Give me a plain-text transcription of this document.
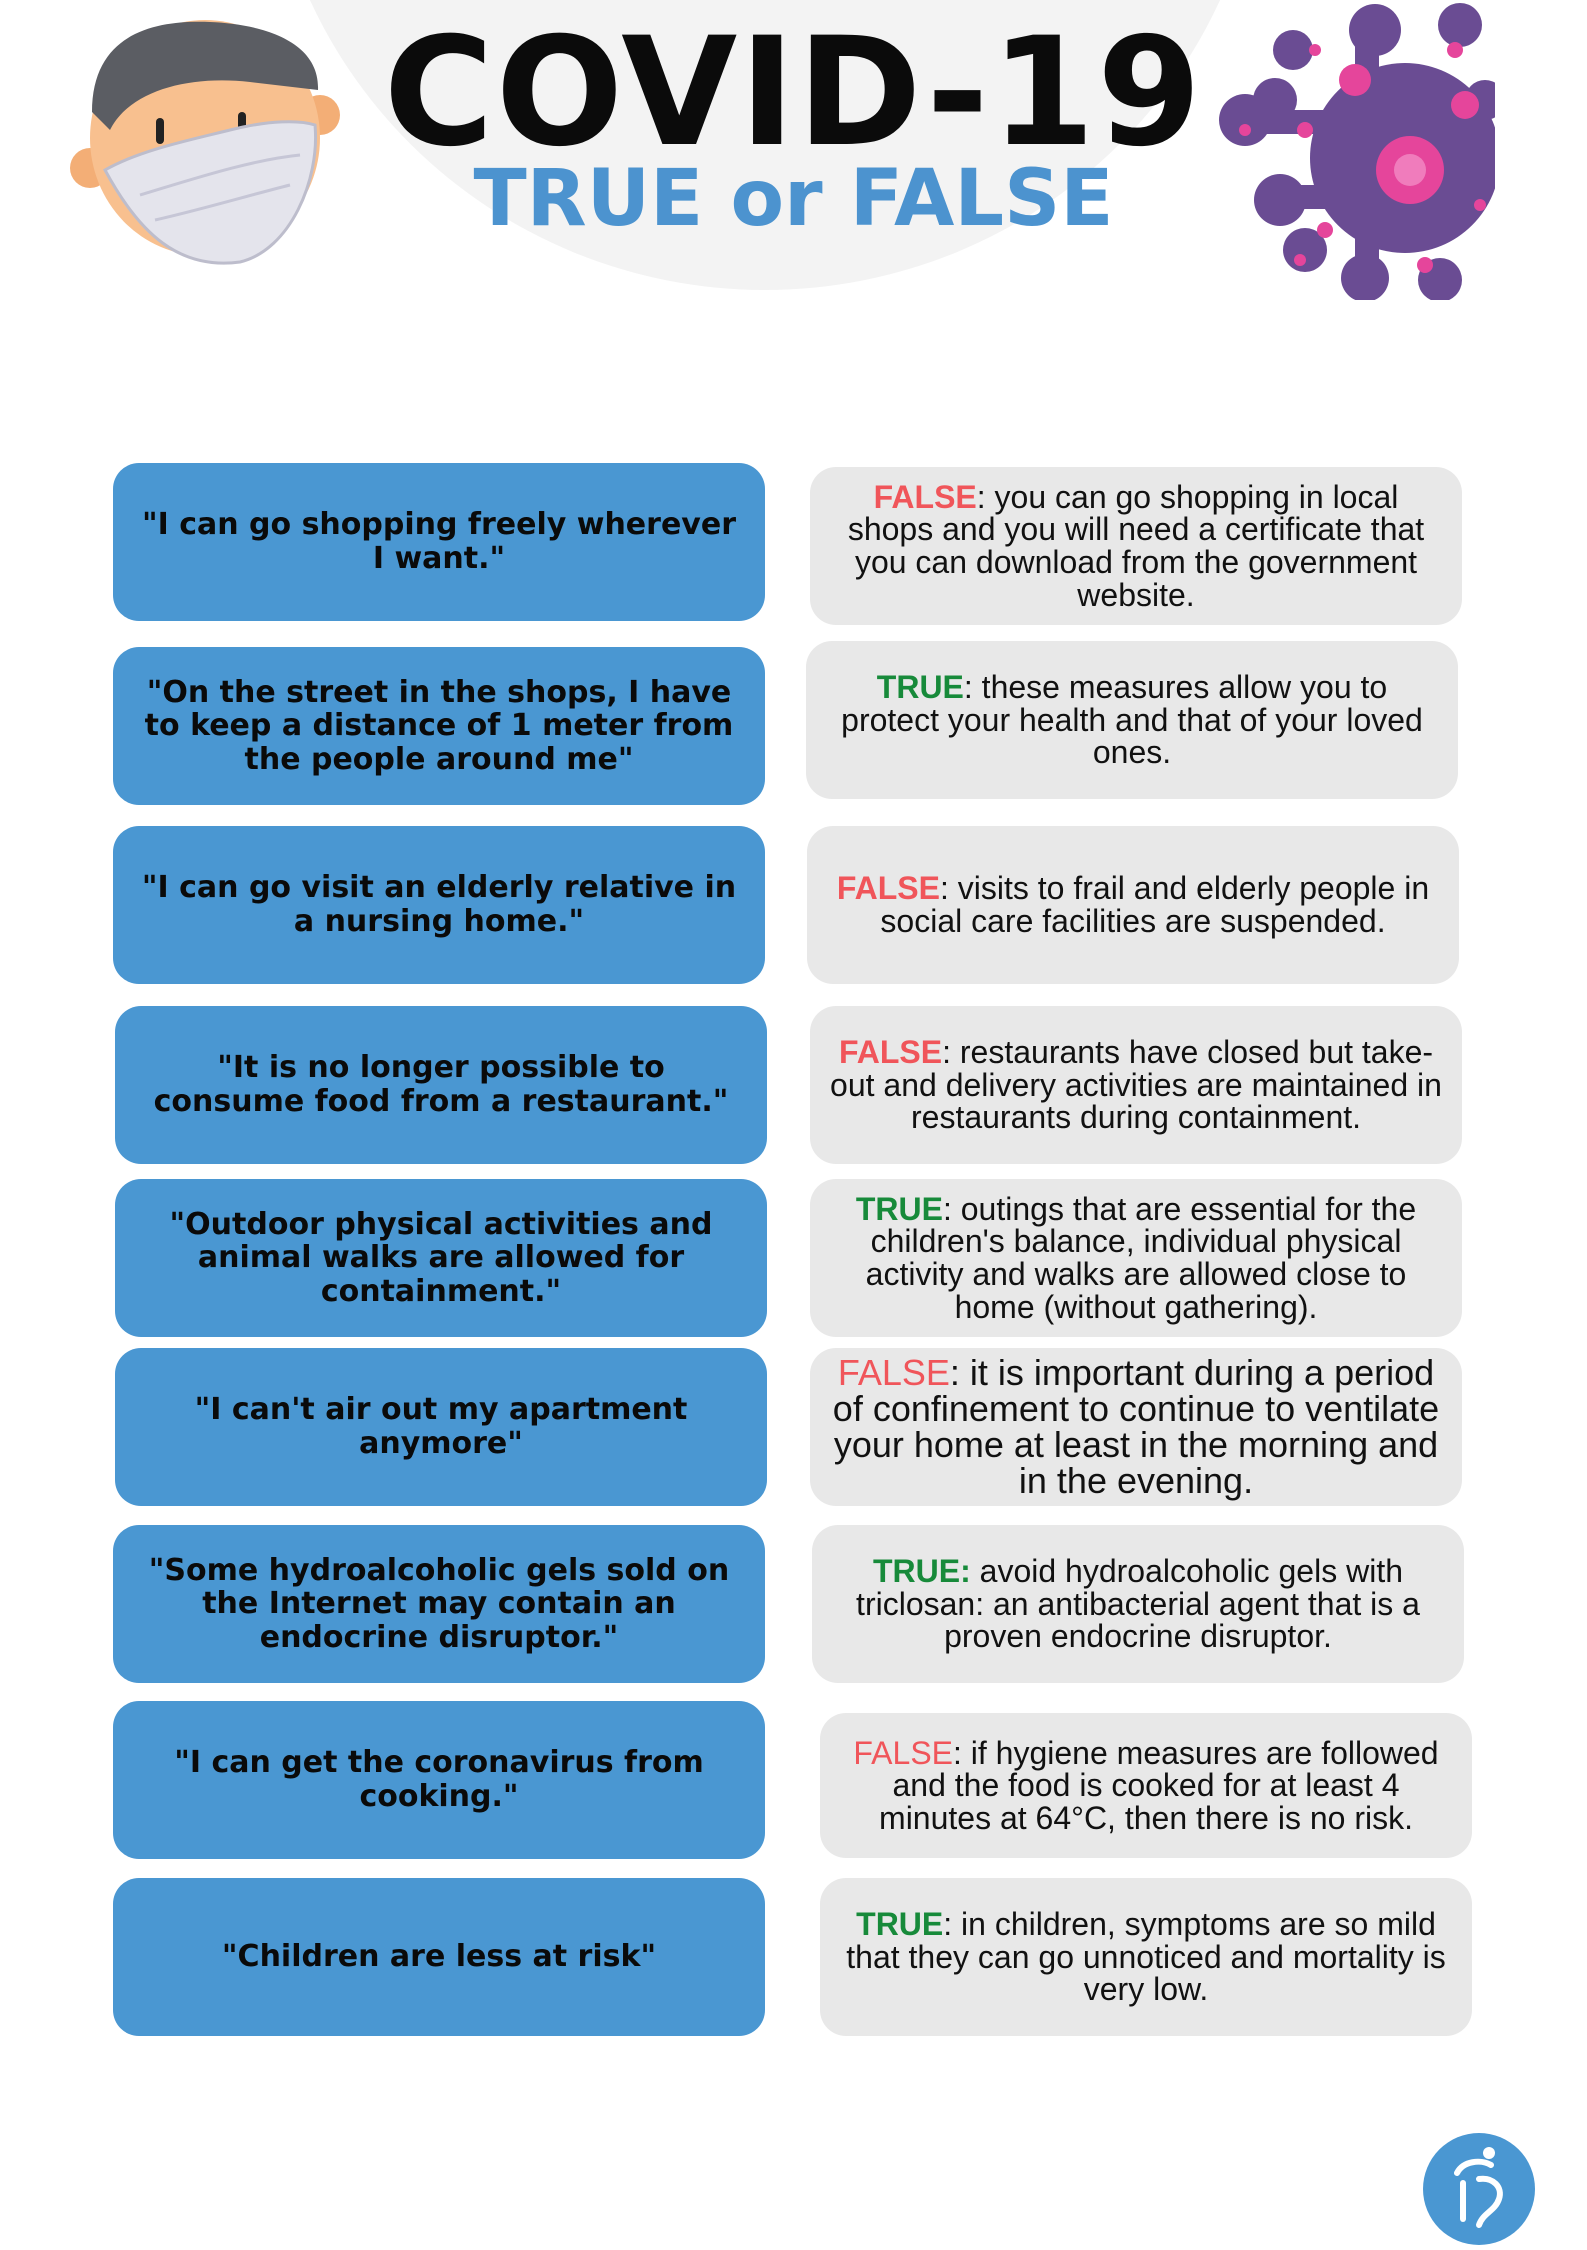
COVID-19
TRUE or FALSE
"I can go shopping freely wherever I want."
FALSE: you can go shopping in local shops and you will need a certificate that you can download from the government website.
"On the street in the shops, I have to keep a distance of 1 meter from the people around me"
TRUE: these measures allow you to protect your health and that of your loved ones.
"I can go visit an elderly relative in a nursing home."
FALSE: visits to frail and elderly people in social care facilities are suspended.
"It is no longer possible to consume food from a restaurant."
FALSE: restaurants have closed but take-out and delivery activities are maintained in restaurants during containment.
"Outdoor physical activities and animal walks are allowed for containment."
TRUE: outings that are essential for the children's balance, individual physical activity and walks are allowed close to home (without gathering).
"I can't air out my apartment anymore"
FALSE: it is important during a period of confinement to continue to ventilate your home at least in the morning and in the evening.
"Some hydroalcoholic gels sold on the Internet may contain an endocrine disruptor."
TRUE: avoid hydroalcoholic gels with triclosan: an antibacterial agent that is a proven endocrine disruptor.
"I can get the coronavirus from cooking."
FALSE: if hygiene measures are followed and the food is cooked for at least 4 minutes at 64°C, then there is no risk.
"Children are less at risk"
TRUE: in children, symptoms are so mild that they can go unnoticed and mortality is very low.
